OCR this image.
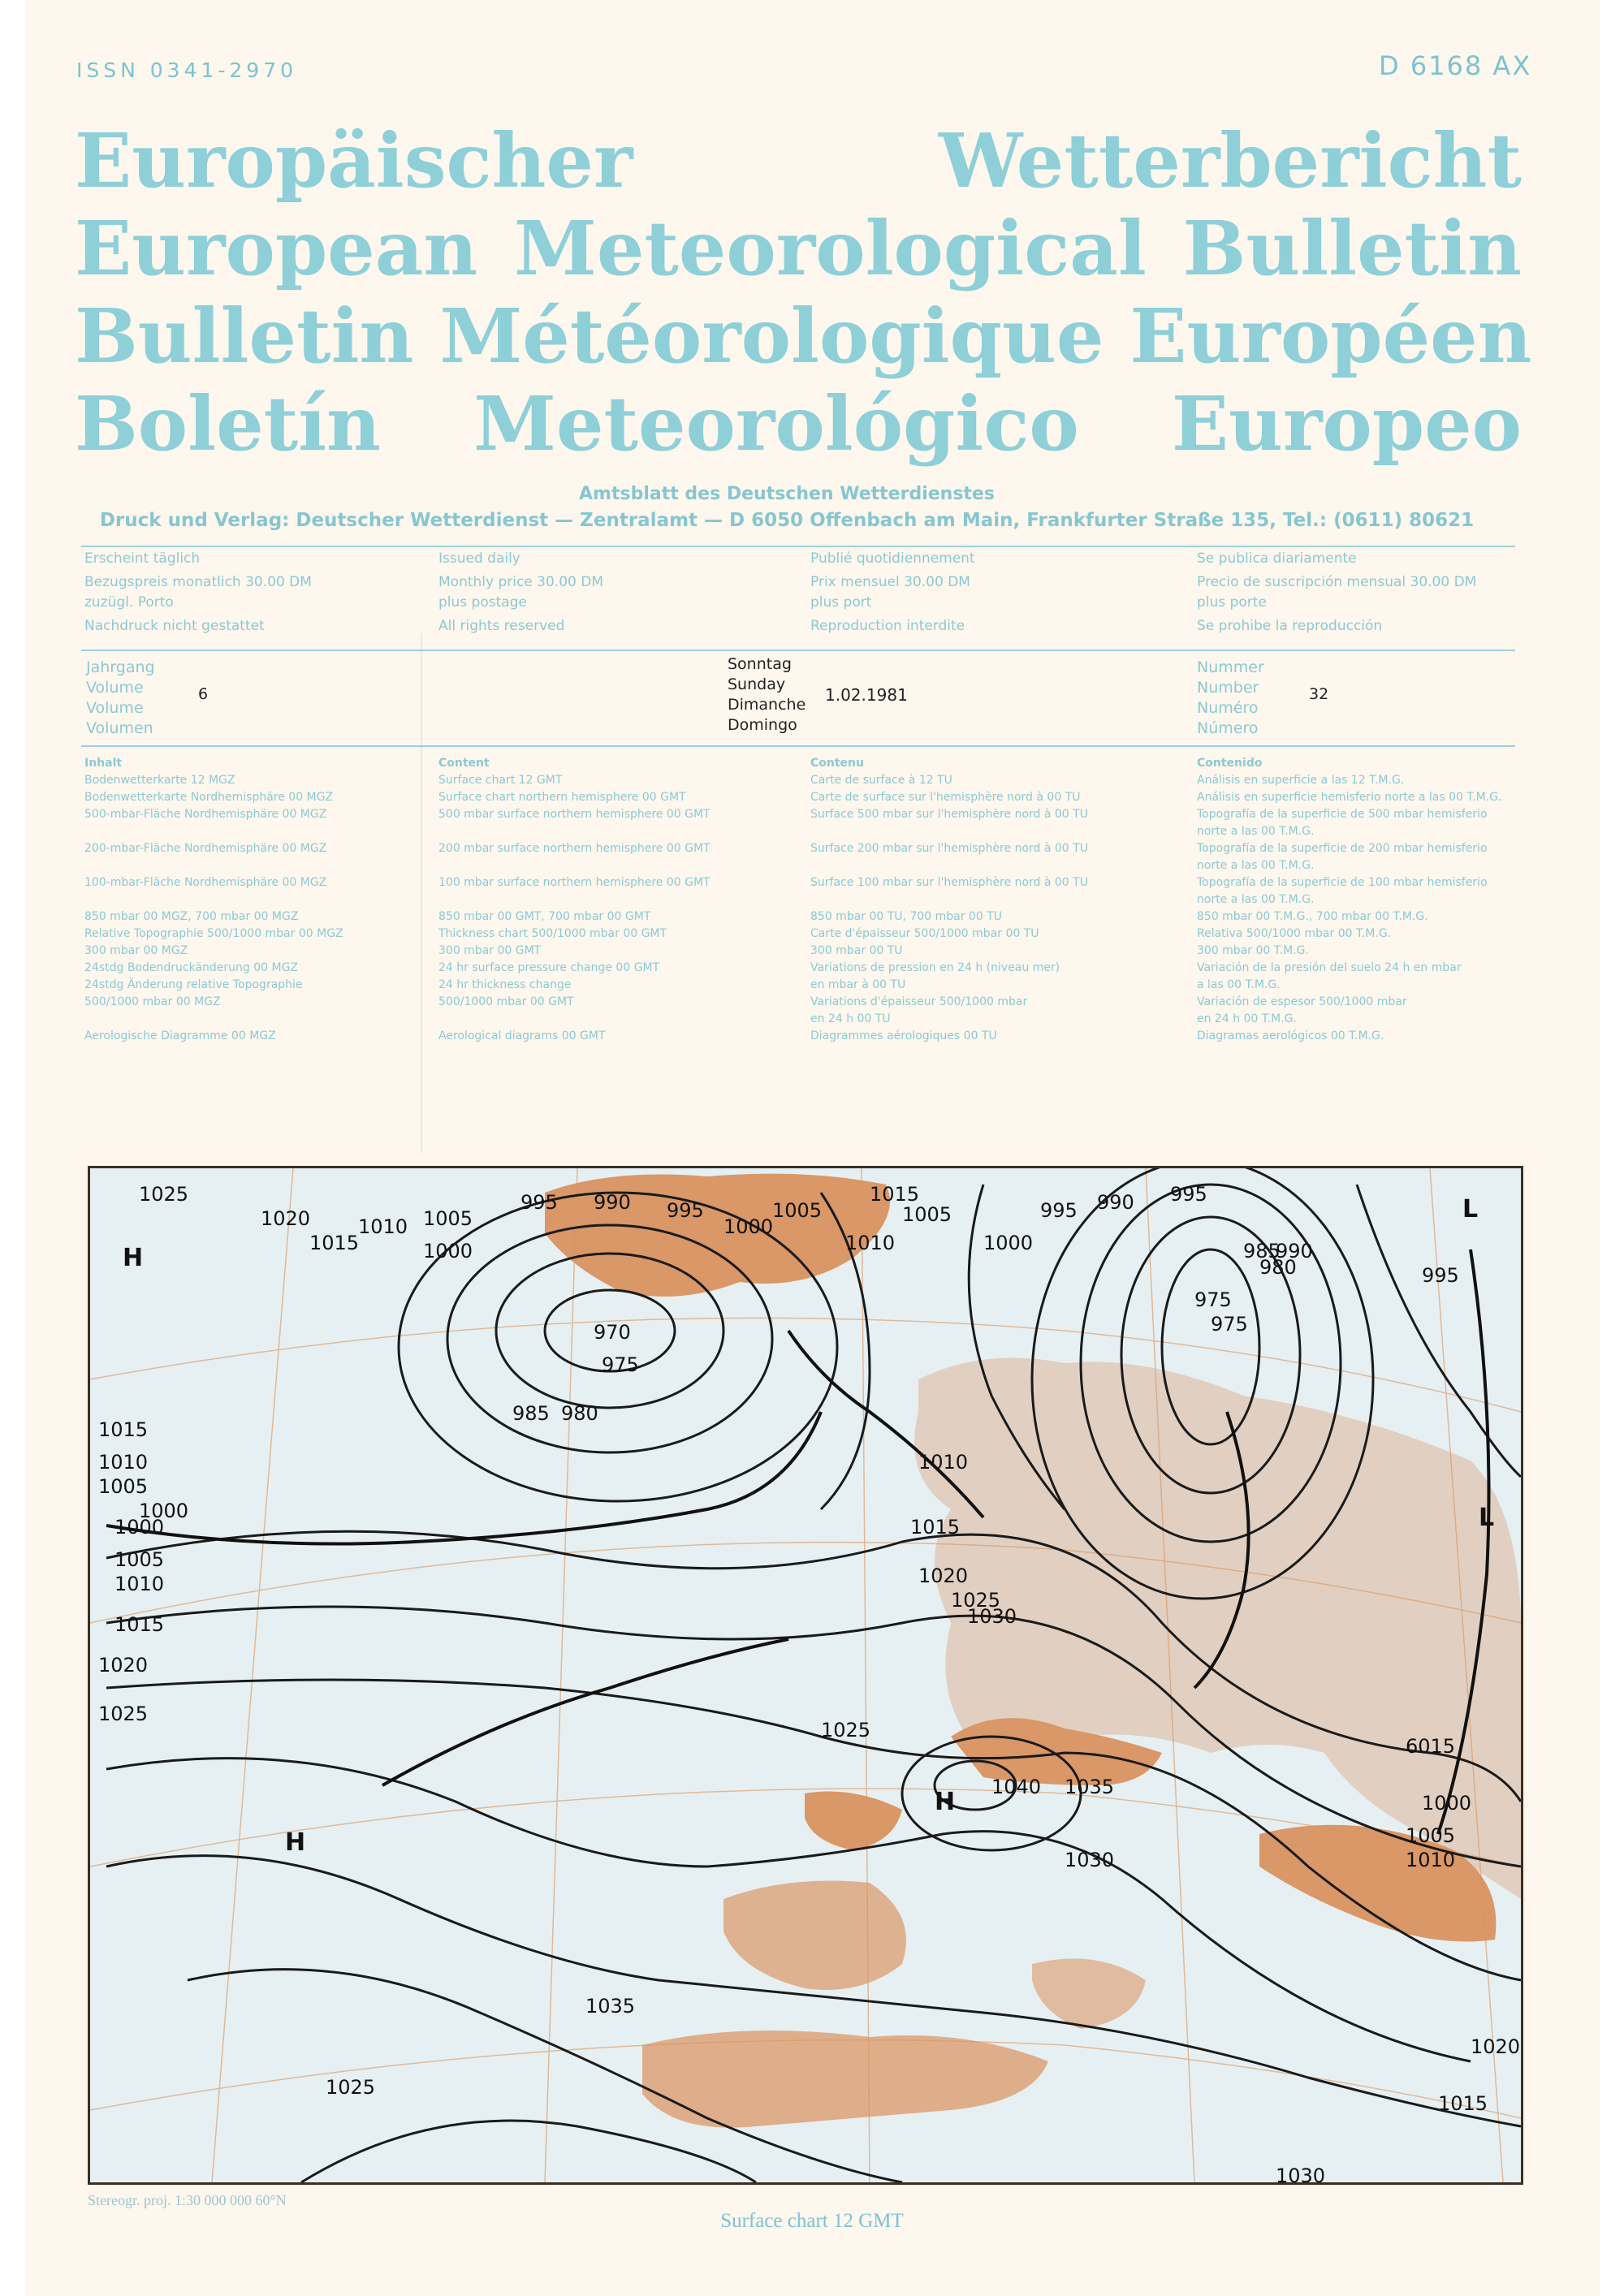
ISSN 0341-2970	D 6168 AX
Europäischer Wetterbericht
European Meteorological Bulletin
Bulletin Météorologique Européen
Boletín Meteorológico Europeo
Amtsblatt des Deutschen Wetterdienstes
Druck und Verlag: Deutscher Wetterdienst — Zentralamt — D 6050 Offenbach am Main, Frankfurter Straße 135, Tel.: (0611) 80621
Erscheint täglich
Bezugspreis monatlich 30.00 DM
zuzügl. Porto
Nachdruck nicht gestattet
Issued daily
Monthly price 30.00 DM
plus postage
All rights reserved
Publié quotidiennement
Prix mensuel 30.00 DM
plus port
Reproduction interdite
Se publica diariamente
Precio de suscripción mensual 30.00 DM
plus porte
Se prohibe la reproducción
Jahrgang
Volume
Volume
Volumen
6
Sonntag
Sunday
Dimanche
Domingo
1.02.1981
Nummer
Number
Numéro
Número
32
Inhalt
Bodenwetterkarte 12 MGZ
Bodenwetterkarte Nordhemisphäre 00 MGZ
500-mbar-Fläche Nordhemisphäre 00 MGZ

200-mbar-Fläche Nordhemisphäre 00 MGZ

100-mbar-Fläche Nordhemisphäre 00 MGZ

850 mbar 00 MGZ, 700 mbar 00 MGZ
Relative Topographie 500/1000 mbar 00 MGZ
300 mbar 00 MGZ
24stdg Bodendruckänderung 00 MGZ
24stdg Änderung relative Topographie
500/1000 mbar 00 MGZ

Aerologische Diagramme 00 MGZ
Content
Surface chart 12 GMT
Surface chart northern hemisphere 00 GMT
500 mbar surface northern hemisphere 00 GMT

200 mbar surface northern hemisphere 00 GMT

100 mbar surface northern hemisphere 00 GMT

850 mbar 00 GMT, 700 mbar 00 GMT
Thickness chart 500/1000 mbar 00 GMT
300 mbar 00 GMT
24 hr surface pressure change 00 GMT
24 hr thickness change
500/1000 mbar 00 GMT

Aerological diagrams 00 GMT
Contenu
Carte de surface à 12 TU
Carte de surface sur l'hemisphère nord à 00 TU
Surface 500 mbar sur l'hemisphère nord à 00 TU

Surface 200 mbar sur l'hemisphère nord à 00 TU

Surface 100 mbar sur l'hemisphère nord à 00 TU

850 mbar 00 TU, 700 mbar 00 TU
Carte d'épaisseur 500/1000 mbar 00 TU
300 mbar 00 TU
Variations de pression en 24 h (niveau mer)
en mbar à 00 TU
Variations d'épaisseur 500/1000 mbar
en 24 h 00 TU
Diagrammes aérologiques 00 TU
Contenido
Análisis en superficie a las 12 T.M.G.
Análisis en superficie hemisferio norte a las 00 T.M.G.
Topografía de la superficie de 500 mbar hemisferio
norte a las 00 T.M.G.
Topografía de la superficie de 200 mbar hemisferio
norte a las 00 T.M.G.
Topografía de la superficie de 100 mbar hemisferio
norte a las 00 T.M.G.
850 mbar 00 T.M.G., 700 mbar 00 T.M.G.
Relativa 500/1000 mbar 00 T.M.G.
300 mbar 00 T.M.G.
Variación de la presión del suelo 24 h en mbar
a las 00 T.M.G.
Variación de espesor 500/1000 mbar
en 24 h 00 T.M.G.
Diagramas aerológicos 00 T.M.G.
1025
1020
1015
1010 1005
1000
995 990 995
1000
1005
1010
1015
1005
1000
995 990 995
990
985
980
975
970
975
985 980
975
995
1010
1015
1020
1025
1030
1040 1035
1035
1025
1030
1030
1025
1020
1015
1010
1005
1000
1015
1010
1005
1000
1020
1025
1015
1010
1005
1000
H
H
H
L
L
6015
Stereogr. proj. 1:30 000 000 60°N
Surface chart 12 GMT
